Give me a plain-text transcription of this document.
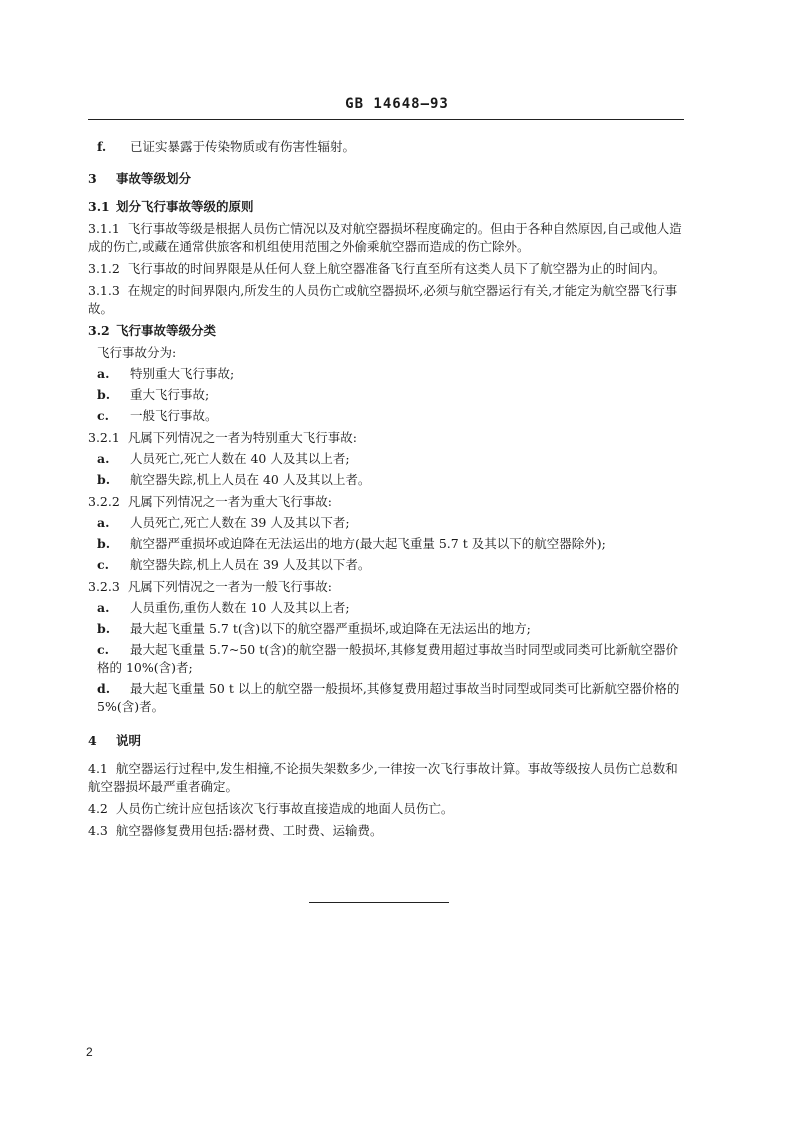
GB 14648—93

f. 已证实暴露于传染物质或有伤害性辐射。

3 事故等级划分

3.1 划分飞行事故等级的原则

3.1.1 飞行事故等级是根据人员伤亡情况以及对航空器损坏程度确定的。但由于各种自然原因,自己或他人造成的伤亡,或藏在通常供旅客和机组使用范围之外偷乘航空器而造成的伤亡除外。

3.1.2 飞行事故的时间界限是从任何人登上航空器准备飞行直至所有这类人员下了航空器为止的时间内。

3.1.3 在规定的时间界限内,所发生的人员伤亡或航空器损坏,必须与航空器运行有关,才能定为航空器飞行事故。

3.2 飞行事故等级分类

飞行事故分为:

a. 特别重大飞行事故;

b. 重大飞行事故;

c. 一般飞行事故。

3.2.1 凡属下列情况之一者为特别重大飞行事故:

a. 人员死亡,死亡人数在 40 人及其以上者;

b. 航空器失踪,机上人员在 40 人及其以上者。

3.2.2 凡属下列情况之一者为重大飞行事故:

a. 人员死亡,死亡人数在 39 人及其以下者;

b. 航空器严重损坏或迫降在无法运出的地方(最大起飞重量 5.7 t 及其以下的航空器除外);

c. 航空器失踪,机上人员在 39 人及其以下者。

3.2.3 凡属下列情况之一者为一般飞行事故:

a. 人员重伤,重伤人数在 10 人及其以上者;

b. 最大起飞重量 5.7 t(含)以下的航空器严重损坏,或迫降在无法运出的地方;

c. 最大起飞重量 5.7~50 t(含)的航空器一般损坏,其修复费用超过事故当时同型或同类可比新航空器价格的 10%(含)者;

d. 最大起飞重量 50 t 以上的航空器一般损坏,其修复费用超过事故当时同型或同类可比新航空器价格的 5%(含)者。

4 说明

4.1 航空器运行过程中,发生相撞,不论损失架数多少,一律按一次飞行事故计算。事故等级按人员伤亡总数和航空器损坏最严重者确定。

4.2 人员伤亡统计应包括该次飞行事故直接造成的地面人员伤亡。

4.3 航空器修复费用包括:器材费、工时费、运输费。

2
